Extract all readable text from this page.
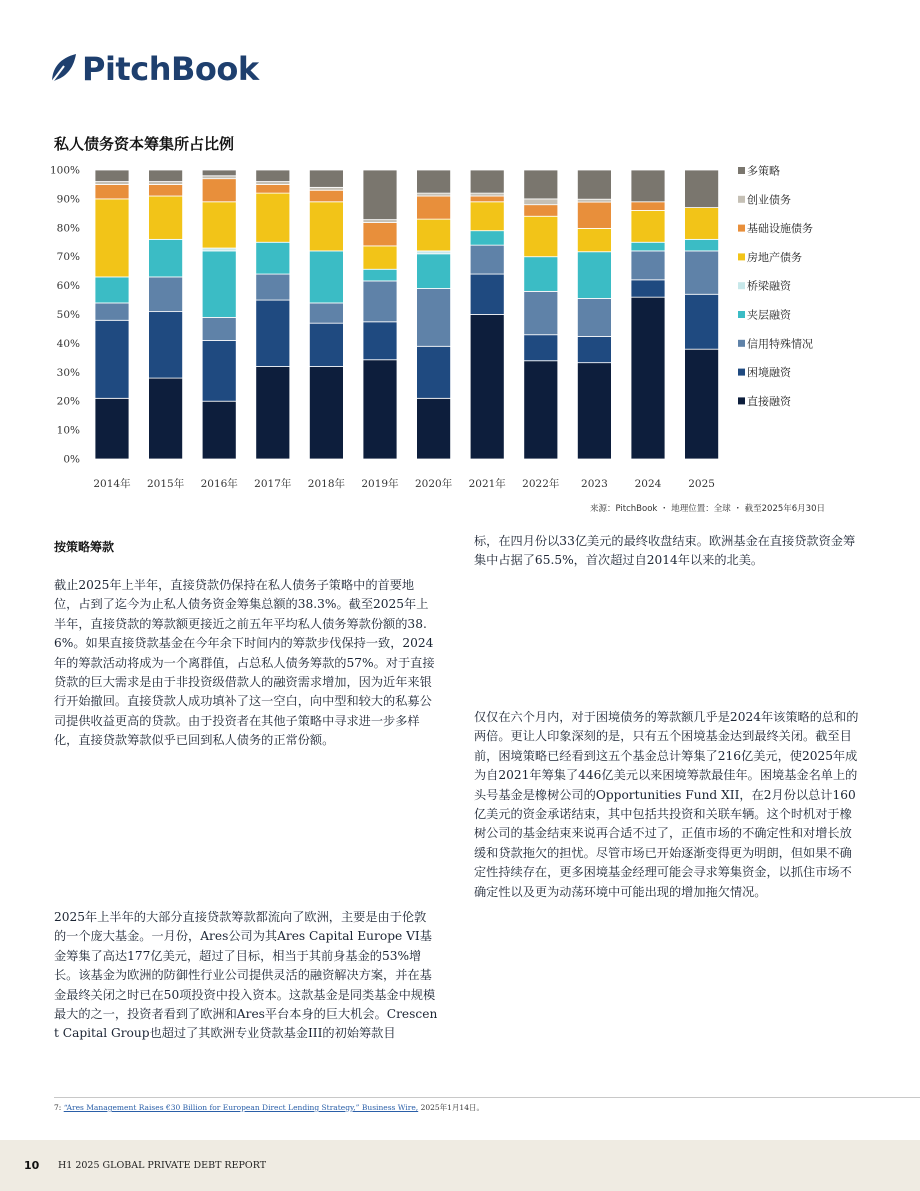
PitchBook
私人债务资本筹集所占比例
0%
10%
20%
30%
40%
50%
60%
70%
80%
90%
100%
2014年 2015年 2016年 2017年 2018年 2019年 2020年 2021年 2022年 2023	2024	2025
多策略
创业债务
基础设施债务
房地产债务
桥梁融资
夹层融资
信用特殊情况
困境融资
直接融资
来源：PitchBook ・ 地理位置：全球 ・ 截至2025年6月30日
按策略筹款

截止2025年上半年，直接贷款仍保持在私人债务子策略中的首要地位，占到了迄今为止私人债务资金筹集总额的38.3%。截至2025年上半年，直接贷款的筹款额更接近之前五年平均私人债务筹款份额的38.6%。如果直接贷款基金在今年余下时间内的筹款步伐保持一致，2024年的筹款活动将成为一个离群值，占总私人债务筹款的57%。对于直接贷款的巨大需求是由于非投资级借款人的融资需求增加，因为近年来银行开始撤回。直接贷款人成功填补了这一空白，向中型和较大的私募公司提供收益更高的贷款。由于投资者在其他子策略中寻求进一步多样化，直接贷款筹款似乎已回到私人债务的正常份额。

2025年上半年的大部分直接贷款筹款都流向了欧洲，主要是由于伦敦的一个庞大基金。一月份，Ares公司为其Ares Capital Europe VI基金筹集了高达177亿美元，超过了目标，相当于其前身基金的53%增长。该基金为欧洲的防御性行业公司提供灵活的融资解决方案，并在基金最终关闭之时已在50项投资中投入资本。这款基金是同类基金中规模最大的之一，投资者看到了欧洲和Ares平台本身的巨大机会。Crescent Capital Group也超过了其欧洲专业贷款基金III的初始筹款目

标，在四月份以33亿美元的最终收盘结束。欧洲基金在直接贷款资金筹集中占据了65.5%，首次超过自2014年以来的北美。

仅仅在六个月内，对于困境债务的筹款额几乎是2024年该策略的总和的两倍。更让人印象深刻的是，只有五个困境基金达到最终关闭。截至目前，困境策略已经看到这五个基金总计筹集了216亿美元，使2025年成为自2021年筹集了446亿美元以来困境筹款最佳年。困境基金名单上的头号基金是橡树公司的Opportunities Fund XII，在2月份以总计160亿美元的资金承诺结束，其中包括共投资和关联车辆。这个时机对于橡树公司的基金结束来说再合适不过了，正值市场的不确定性和对增长放缓和贷款拖欠的担忧。尽管市场已开始逐渐变得更为明朗，但如果不确定性持续存在，更多困境基金经理可能会寻求筹集资金，以抓住市场不确定性以及更为动荡环境中可能出现的增加拖欠情况。

7: “Ares Management Raises €30 Billion for European Direct Lending Strategy,” Business Wire, 2025年1月14日。
10 H1 2025 GLOBAL PRIVATE DEBT REPORT
